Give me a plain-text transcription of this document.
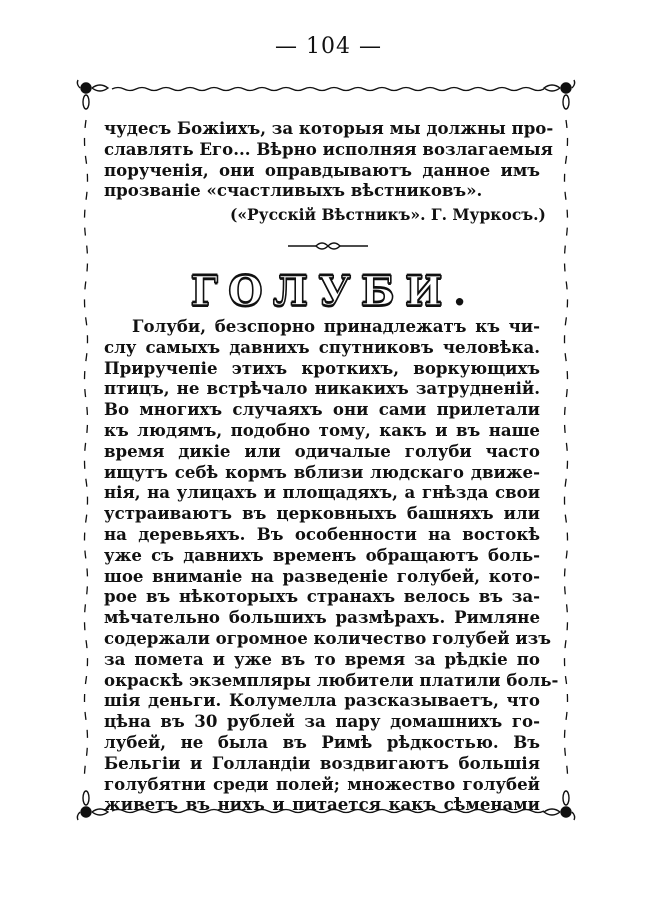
— 104 —
чудесъ Божіихъ, за которыя мы должны про-
славлять Его... Вѣрно исполняя возлагаемыя
порученія, они оправдываютъ данное имъ
прозваніе «счастливыхъ вѣстниковъ».
(«Русскій Вѣстникъ». Г. Муркосъ.)
ГОЛУБИ.
Голуби, безспорно принадлежатъ къ чи-
слу самыхъ давнихъ спутниковъ человѣка.
Приручепіе этихъ кроткихъ, воркующихъ
птицъ, не встрѣчало никакихъ затрудненій.
Во многихъ случаяхъ они сами прилетали
къ людямъ, подобно тому, какъ и въ наше
время дикіе или одичалые голуби часто
ищутъ себѣ кормъ вблизи людскаго движе-
нія, на улицахъ и площадяхъ, а гнѣзда свои
устраиваютъ въ церковныхъ башняхъ или
на деревьяхъ. Въ особенности на востокѣ
уже съ давнихъ временъ обращаютъ боль-
шое вниманіе на разведеніе голубей, кото-
рое въ нѣкоторыхъ странахъ велось въ за-
мѣчательно большихъ размѣрахъ. Римляне
содержали огромное количество голубей изъ
за помета и уже въ то время за рѣдкіе по
окраскѣ экземпляры любители платили боль-
шія деньги. Колумелла разсказываетъ, что
цѣна въ 30 рублей за пару домашнихъ го-
лубей, не была въ Римѣ рѣдкостью. Въ
Бельгіи и Голландіи воздвигаютъ большія
голубятни среди полей; множество голубей
живетъ въ нихъ и питается какъ сѣменами
